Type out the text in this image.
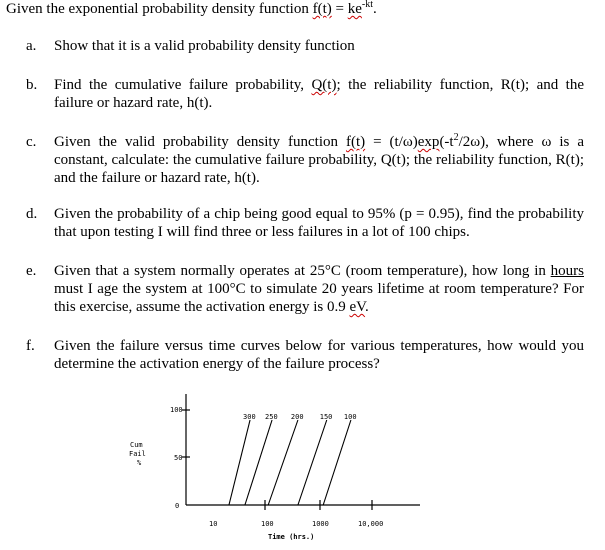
Given the exponential probability density function $f(t) = ke^{-kt}$.
a. Show that it is a valid probability density function
b. Find the cumulative failure probability, Q(t); the reliability function, R(t); and the failure or hazard rate, h(t).
c. Given the valid probability density function $f(t) = (t/\omega)\exp(-t^2/2\omega)$, where ω is a constant, calculate: the cumulative failure probability, Q(t); the reliability function, R(t); and the failure or hazard rate, h(t).
d. Given the probability of a chip being good equal to 95% (p = 0.95), find the probability that upon testing I will find three or less failures in a lot of 100 chips.
e. Given that a system normally operates at 25°C (room temperature), how long in hours must I age the system at 100°C to simulate 20 years lifetime at room temperature? For this exercise, assume the activation energy is 0.9 eV.
f. Given the failure versus time curves below for various temperatures, how would you determine the activation energy of the failure process?
100
50
0
Cum
Fail
%
10	100	1000	10,000
Time (hrs.)
300 250 200 150 100
